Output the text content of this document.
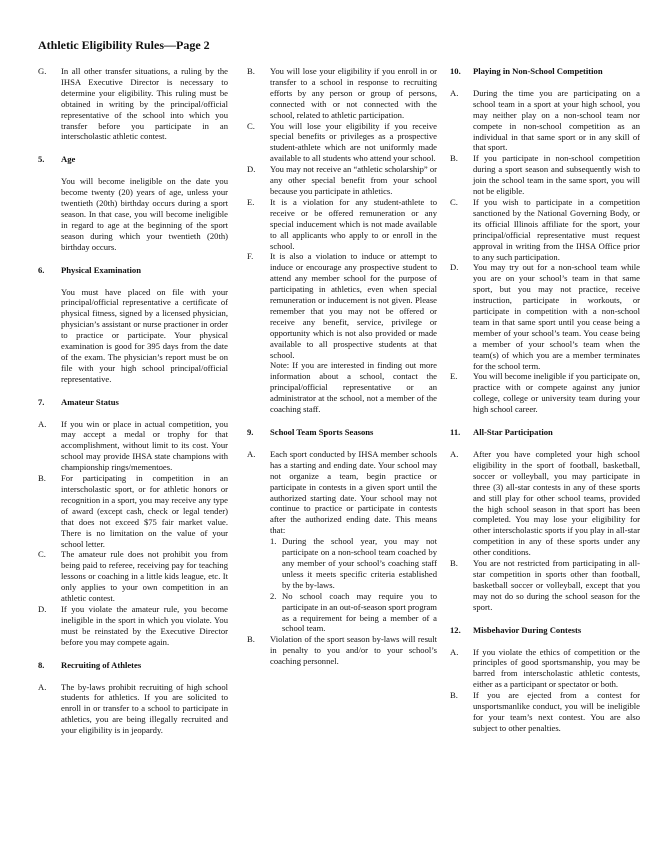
Athletic Eligibility Rules—Page 2
G.	In all other transfer situations, a ruling by the IHSA Executive Director is necessary to determine your eligibility. This ruling must be obtained in writing by the principal/official representative of the school into which you transfer before you participate in an interscholastic athletic contest.
5.	Age
You will become ineligible on the date you become twenty (20) years of age, unless your twentieth (20th) birthday occurs during a sport season. In that case, you will become ineligible in regard to age at the beginning of the sport season during which your twentieth (20th) birthday occurs.
6.	Physical Examination
You must have placed on file with your principal/official representative a certificate of physical fitness, signed by a licensed physician, physician’s assistant or nurse practioner in order to practice or participate. Your physical examination is good for 395 days from the date of the exam. The physician’s report must be on file with your high school principal/official representative.
7.	Amateur Status
A.	If you win or place in actual competition, you may accept a medal or trophy for that accomplishment, without limit to its cost. Your school may provide IHSA state champions with championship rings/mementoes.
B.	For participating in competition in an interscholastic sport, or for athletic honors or recognition in a sport, you may receive any type of award (except cash, check or legal tender) that does not exceed $75 fair market value. There is no limitation on the value of your school letter.
C.	The amateur rule does not prohibit you from being paid to referee, receiving pay for teaching lessons or coaching in a little kids league, etc. It only applies to your own competition in an athletic contest.
D.	If you violate the amateur rule, you become ineligible in the sport in which you violate. You must be reinstated by the Executive Director before you may compete again.
8.	Recruiting of Athletes
A.	The by-laws prohibit recruiting of high school students for athletics. If you are solicited to enroll in or transfer to a school to participate in athletics, you are being illegally recruited and your eligibility is in jeopardy.
B.	You will lose your eligibility if you enroll in or transfer to a school in response to recruiting efforts by any person or group of persons, connected with or not connected with the school, related to athletic participation.
C.	You will lose your eligibility if you receive special benefits or privileges as a prospective student-athlete which are not uniformly made available to all students who attend your school.
D.	You may not receive an “athletic scholarship” or any other special benefit from your school because you participate in athletics.
E.	It is a violation for any student-athlete to receive or be offered remuneration or any special inducement which is not made available to all applicants who apply to or enroll in the school.
F.	It is also a violation to induce or attempt to induce or encourage any prospective student to attend any member school for the purpose of participating in athletics, even when special remuneration or inducement is not given. Please remember that you may not be offered or receive any benefit, service, privilege or opportunity which is not also provided or made available to all prospective students at that school.
Note: If you are interested in finding out more information about a school, contact the principal/official representative or an administrator at the school, not a member of the coaching staff.
9.	School Team Sports Seasons
A.	Each sport conducted by IHSA member schools has a starting and ending date. Your school may not organize a team, begin practice or participate in contests in a given sport until the authorized starting date. Your school may not continue to practice or participate in contests after the authorized ending date. This means that:
1. During the school year, you may not participate on a non-school team coached by any member of your school’s coaching staff unless it meets specific criteria established by the by-laws.
2. No school coach may require you to participate in an out-of-season sport program as a requirement for being a member of a school team.
B.	Violation of the sport season by-laws will result in penalty to you and/or to your school’s coaching personnel.
10.	Playing in Non-School Competition
A.	During the time you are participating on a school team in a sport at your high school, you may neither play on a non-school team nor compete in non-school competition as an individual in that same sport or in any skill of that sport.
B.	If you participate in non-school competition during a sport season and subsequently wish to join the school team in the same sport, you will not be eligible.
C.	If you wish to participate in a competition sanctioned by the National Governing Body, or its official Illinois affiliate for the sport, your principal/official representative must request approval in writing from the IHSA Office prior to any such participation.
D.	You may try out for a non-school team while you are on your school’s team in that same sport, but you may not practice, receive instruction, participate in workouts, or participate in competition with a non-school team in that same sport until you cease being a member of your school’s team. You cease being a member of your school’s team when the team(s) of which you are a member terminates for the school term.
E.	You will become ineligible if you participate on, practice with or compete against any junior college, college or university team during your high school career.
11.	All-Star Participation
A.	After you have completed your high school eligibility in the sport of football, basketball, soccer or volleyball, you may participate in three (3) all-star contests in any of these sports and still play for other school teams, provided the high school season in that sport has been completed. You may lose your eligibility for other interscholastic sports if you play in all-star competition in any of these sports under any other conditions.
B.	You are not restricted from participating in all-star competition in sports other than football, basketball soccer or volleyball, except that you may not do so during the school season for the sport.
12.	Misbehavior During Contests
A.	If you violate the ethics of competition or the principles of good sportsmanship, you may be barred from interscholastic athletic contests, either as a participant or spectator or both.
B.	If you are ejected from a contest for unsportsmanlike conduct, you will be ineligible for your team’s next contest. You are also subject to other penalties.
